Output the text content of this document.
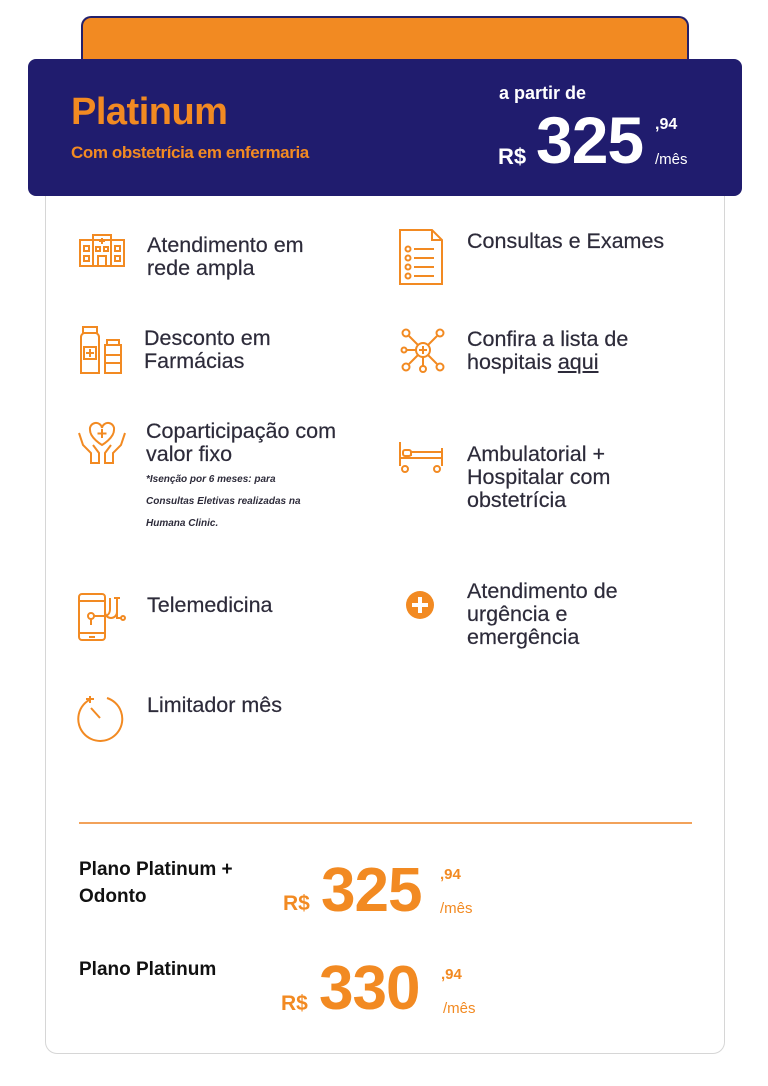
Platinum
Com obstetrícia em enfermaria
a partir de
R$ 325 ,94
/mês
Atendimento em
rede ampla
Consultas e Exames
Desconto em
Farmácias
Confira a lista de
hospitais aqui
Coparticipação com
valor fixo
*Isenção por 6 meses: para
Consultas Eletivas realizadas na
Humana Clinic.
Ambulatorial +
Hospitalar com
obstetrícia
Telemedicina
Atendimento de
urgência e
emergência
Limitador mês
Plano Platinum +
Odonto	R$ 325 ,94
/mês
Plano Platinum
R$ 330 ,94
/mês
